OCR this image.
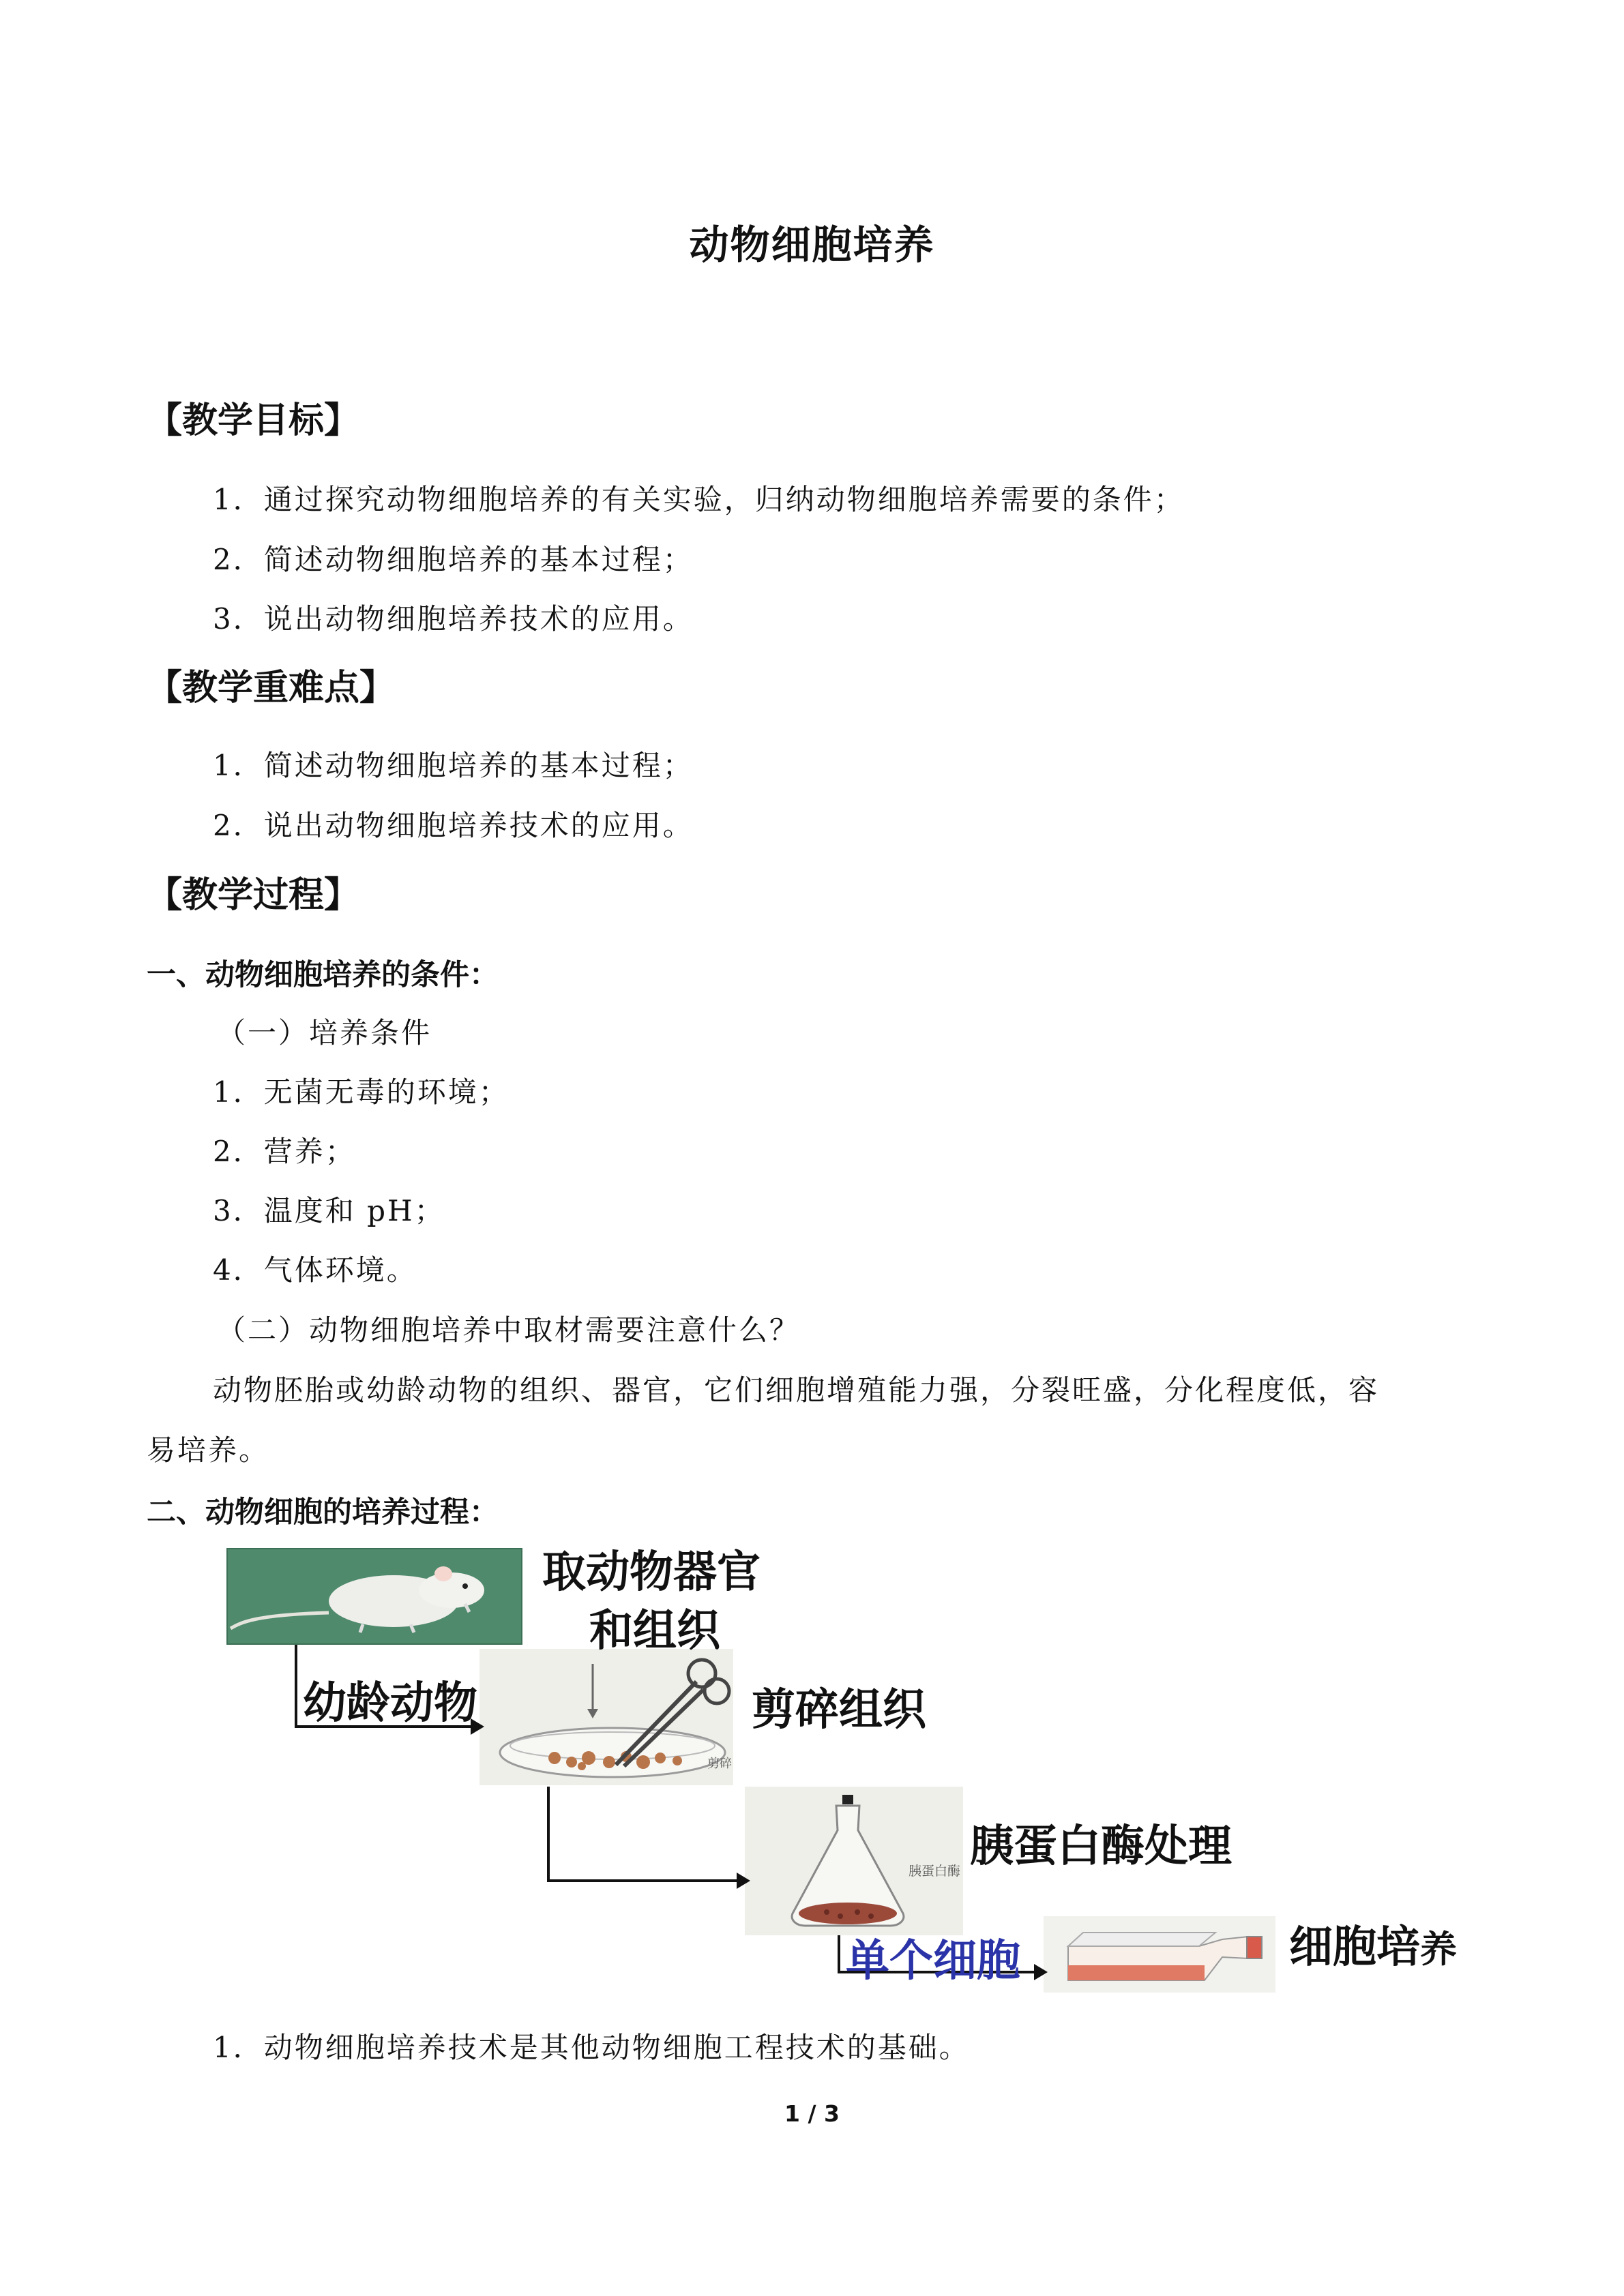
动物细胞培养
【教学目标】
1．通过探究动物细胞培养的有关实验，归纳动物细胞培养需要的条件；
2．简述动物细胞培养的基本过程；
3．说出动物细胞培养技术的应用。
【教学重难点】
1．简述动物细胞培养的基本过程；
2．说出动物细胞培养技术的应用。
【教学过程】
一、动物细胞培养的条件：
（一）培养条件
1．无菌无毒的环境；
2．营养；
3．温度和 pH；
4．气体环境。
（二）动物细胞培养中取材需要注意什么？
动物胚胎或幼龄动物的组织、器官，它们细胞增殖能力强，分裂旺盛，分化程度低，容
易培养。
二、动物细胞的培养过程：
剪碎
胰蛋白酶
取动物器官
和组织
幼龄动物	剪碎组织
胰蛋白酶处理
单个细胞	细胞培养
1．动物细胞培养技术是其他动物细胞工程技术的基础。
1 / 3
